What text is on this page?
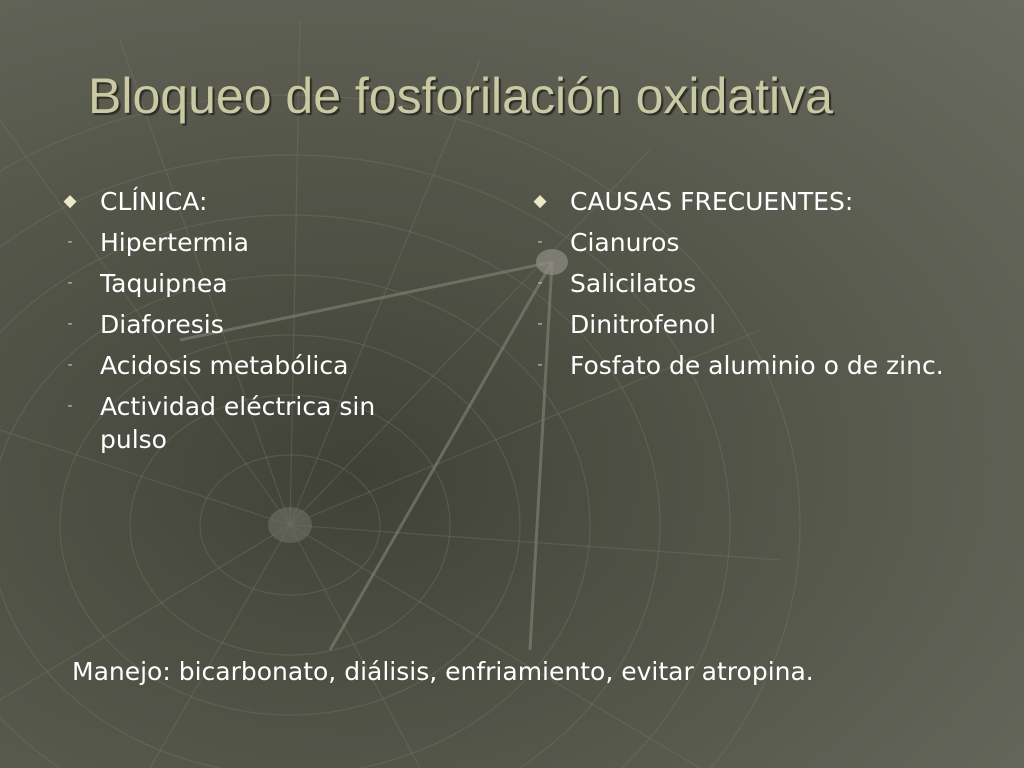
Bloqueo de fosforilación oxidativa
◆ CLÍNICA:
-	Hipertermia
-	Taquipnea
-	Diaforesis
-	Acidosis metabólica
-	Actividad eléctrica sin pulso
◆ CAUSAS FRECUENTES:
-	Cianuros
-	Salicilatos
-	Dinitrofenol
-	Fosfato de aluminio o de zinc.

Manejo: bicarbonato, diálisis, enfriamiento, evitar atropina.
